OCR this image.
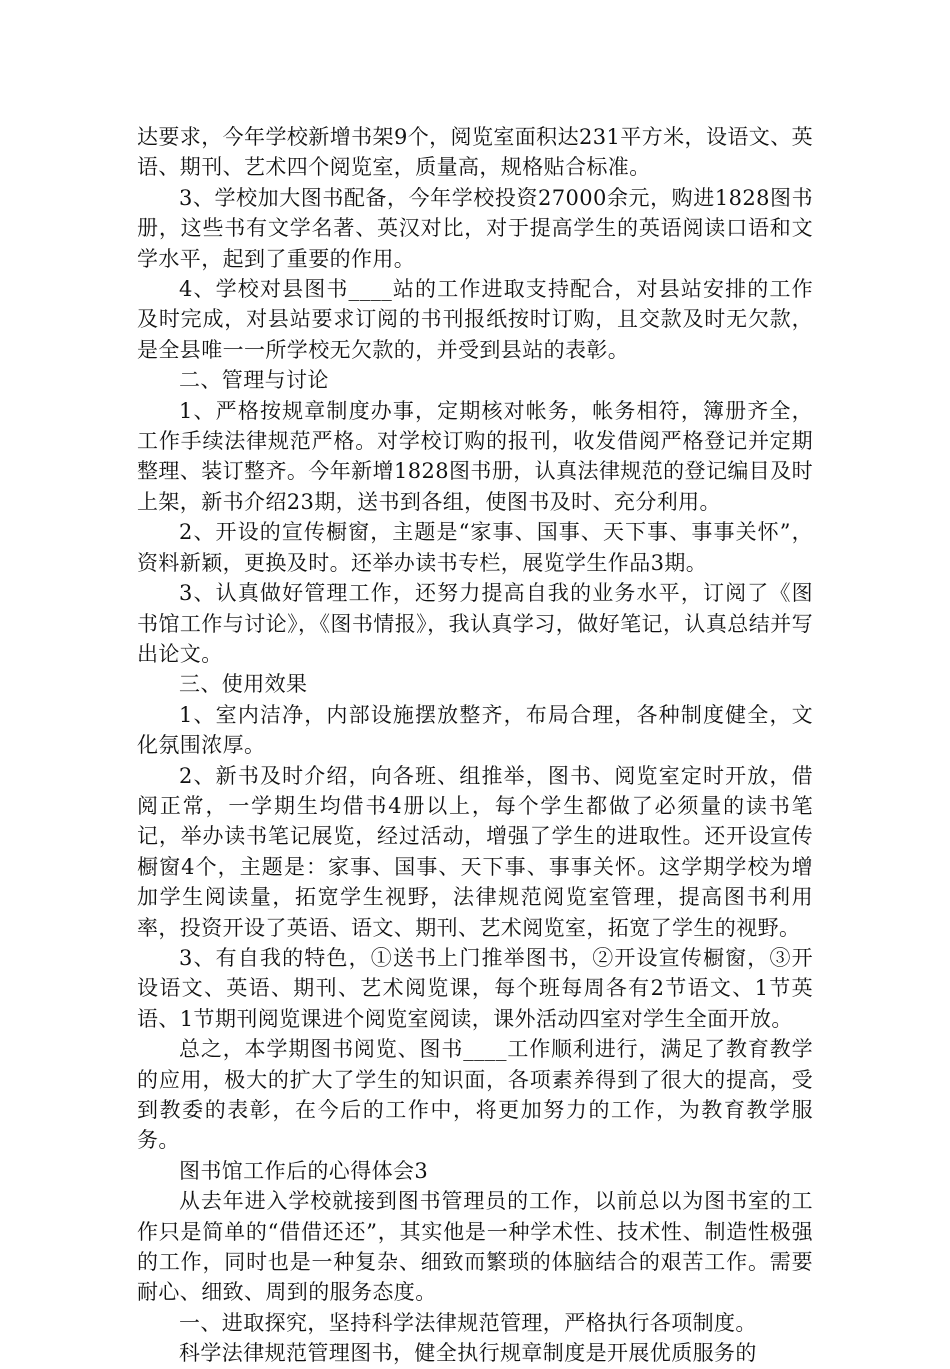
达要求，今年学校新增书架9个，阅览室面积达231平方米，设语文、英语、期刊、艺术四个阅览室，质量高，规格贴合标准。

3、学校加大图书配备，今年学校投资27000余元，购进1828图书册，这些书有文学名著、英汉对比，对于提高学生的英语阅读口语和文学水平，起到了重要的作用。

4、学校对县图书____站的工作进取支持配合，对县站安排的工作及时完成，对县站要求订阅的书刊报纸按时订购，且交款及时无欠款，是全县唯一一所学校无欠款的，并受到县站的表彰。

二、管理与讨论

1、严格按规章制度办事，定期核对帐务，帐务相符，簿册齐全，工作手续法律规范严格。对学校订购的报刊，收发借阅严格登记并定期整理、装订整齐。今年新增1828图书册，认真法律规范的登记编目及时上架，新书介绍23期，送书到各组，使图书及时、充分利用。

2、开设的宣传橱窗，主题是“家事、国事、天下事、事事关怀”，资料新颖，更换及时。还举办读书专栏，展览学生作品3期。

3、认真做好管理工作，还努力提高自我的业务水平，订阅了《图书馆工作与讨论》，《图书情报》，我认真学习，做好笔记，认真总结并写出论文。

三、使用效果

1、室内洁净，内部设施摆放整齐，布局合理，各种制度健全，文化氛围浓厚。

2、新书及时介绍，向各班、组推举，图书、阅览室定时开放，借阅正常，一学期生均借书4册以上，每个学生都做了必须量的读书笔记，举办读书笔记展览，经过活动，增强了学生的进取性。还开设宣传橱窗4个，主题是：家事、国事、天下事、事事关怀。这学期学校为增加学生阅读量，拓宽学生视野，法律规范阅览室管理，提高图书利用率，投资开设了英语、语文、期刊、艺术阅览室，拓宽了学生的视野。

3、有自我的特色，①送书上门推举图书，②开设宣传橱窗，③开设语文、英语、期刊、艺术阅览课，每个班每周各有2节语文、1节英语、1节期刊阅览课进个阅览室阅读，课外活动四室对学生全面开放。

总之，本学期图书阅览、图书____工作顺利进行，满足了教育教学的应用，极大的扩大了学生的知识面，各项素养得到了很大的提高，受到教委的表彰，在今后的工作中，将更加努力的工作，为教育教学服务。

图书馆工作后的心得体会3

从去年进入学校就接到图书管理员的工作，以前总以为图书室的工作只是简单的“借借还还”，其实他是一种学术性、技术性、制造性极强的工作，同时也是一种复杂、细致而繁琐的体脑结合的艰苦工作。需要耐心、细致、周到的服务态度。

一、进取探究，坚持科学法律规范管理，严格执行各项制度。

科学法律规范管理图书，健全执行规章制度是开展优质服务的
